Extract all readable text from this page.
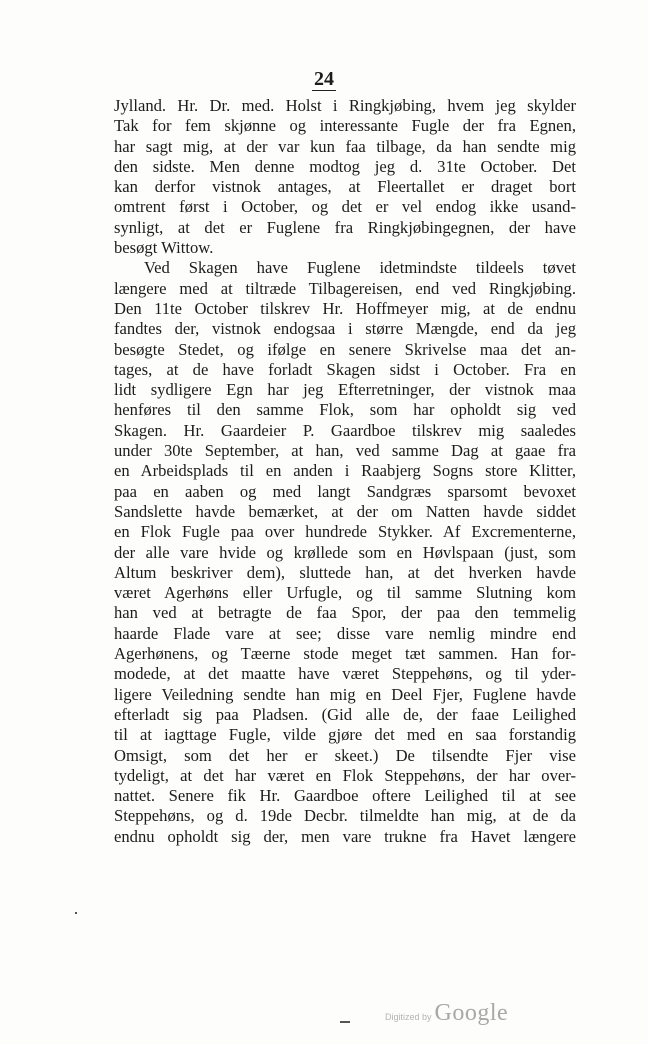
24
Jylland. Hr. Dr. med. Holst i Ringkjøbing, hvem jeg skylder
Tak for fem skjønne og interessante Fugle der fra Egnen,
har sagt mig, at der var kun faa tilbage, da han sendte mig
den sidste. Men denne modtog jeg d. 31te October. Det
kan derfor vistnok antages, at Fleertallet er draget bort
omtrent først i October, og det er vel endog ikke usand-
synligt, at det er Fuglene fra Ringkjøbingegnen, der have
besøgt Wittow.
Ved Skagen have Fuglene idetmindste tildeels tøvet
længere med at tiltræde Tilbagereisen, end ved Ringkjøbing.
Den 11te October tilskrev Hr. Hoffmeyer mig, at de endnu
fandtes der, vistnok endogsaa i større Mængde, end da jeg
besøgte Stedet, og ifølge en senere Skrivelse maa det an-
tages, at de have forladt Skagen sidst i October. Fra en
lidt sydligere Egn har jeg Efterretninger, der vistnok maa
henføres til den samme Flok, som har opholdt sig ved
Skagen. Hr. Gaardeier P. Gaardboe tilskrev mig saaledes
under 30te September, at han, ved samme Dag at gaae fra
en Arbeidsplads til en anden i Raabjerg Sogns store Klitter,
paa en aaben og med langt Sandgræs sparsomt bevoxet
Sandslette havde bemærket, at der om Natten havde siddet
en Flok Fugle paa over hundrede Stykker. Af Excrementerne,
der alle vare hvide og krøllede som en Høvlspaan (just, som
Altum beskriver dem), sluttede han, at det hverken havde
været Agerhøns eller Urfugle, og til samme Slutning kom
han ved at betragte de faa Spor, der paa den temmelig
haarde Flade vare at see; disse vare nemlig mindre end
Agerhønens, og Tæerne stode meget tæt sammen. Han for-
modede, at det maatte have været Steppehøns, og til yder-
ligere Veiledning sendte han mig en Deel Fjer, Fuglene havde
efterladt sig paa Pladsen. (Gid alle de, der faae Leilighed
til at iagttage Fugle, vilde gjøre det med en saa forstandig
Omsigt, som det her er skeet.) De tilsendte Fjer vise
tydeligt, at det har været en Flok Steppehøns, der har over-
nattet. Senere fik Hr. Gaardboe oftere Leilighed til at see
Steppehøns, og d. 19de Decbr. tilmeldte han mig, at de da
endnu opholdt sig der, men vare trukne fra Havet længere
Digitized by Google
